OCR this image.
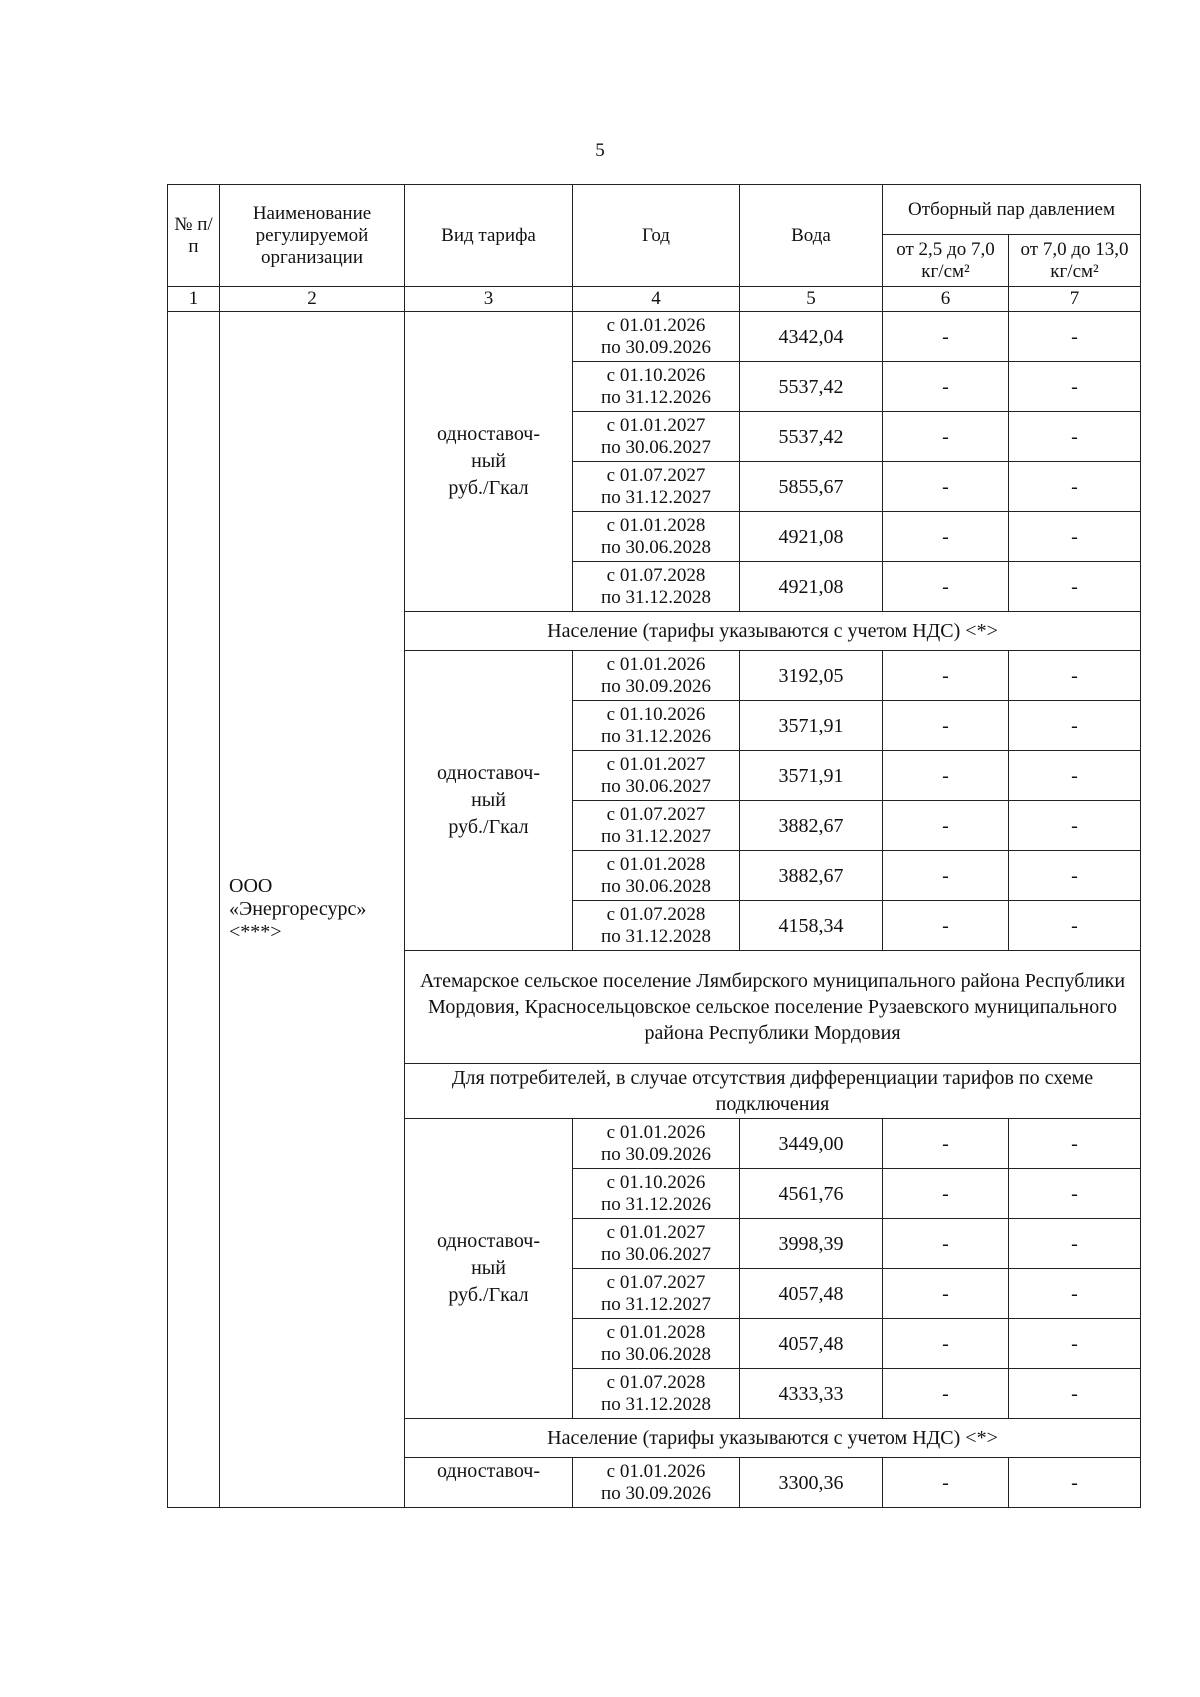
5
№ п/п	Наименование регулируемой организации	Вид тарифа	Год	Вода	Отборный пар давлением	
					от 2,5 до 7,0 кг/см²	от 7,0 до 13,0 кг/см²
1	2	3	4	5	6	7

	ООО
«Энергоресурс»
<***>	одноставоч-
ный
руб./Гкал	с 01.01.2026
по 30.09.2026	4342,04	-	-

			с 01.10.2026
по 31.12.2026	5537,42	-	-

			с 01.01.2027
по 30.06.2027	5537,42	-	-

			с 01.07.2027
по 31.12.2027	5855,67	-	-

			с 01.01.2028
по 30.06.2028	4921,08	-	-

			с 01.07.2028
по 31.12.2028	4921,08	-	-
		Население (тарифы указываются с учетом НДС) <*>				

		одноставоч-
ный
руб./Гкал	с 01.01.2026
по 30.09.2026	3192,05	-	-

			с 01.10.2026
по 31.12.2026	3571,91	-	-

			с 01.01.2027
по 30.06.2027	3571,91	-	-

			с 01.07.2027
по 31.12.2027	3882,67	-	-

			с 01.01.2028
по 30.06.2028	3882,67	-	-

			с 01.07.2028
по 31.12.2028	4158,34	-	-
		Атемарское сельское поселение Лямбирского муниципального района Республики Мордовия, Красносельцовское сельское поселение Рузаевского муниципального района Республики Мордовия				
		Для потребителей, в случае отсутствия дифференциации тарифов по схеме подключения				

		одноставоч-
ный
руб./Гкал	с 01.01.2026
по 30.09.2026	3449,00	-	-

			с 01.10.2026
по 31.12.2026	4561,76	-	-

			с 01.01.2027
по 30.06.2027	3998,39	-	-

			с 01.07.2027
по 31.12.2027	4057,48	-	-

			с 01.01.2028
по 30.06.2028	4057,48	-	-

			с 01.07.2028
по 31.12.2028	4333,33	-	-
		Население (тарифы указываются с учетом НДС) <*>				

		одноставоч-	с 01.01.2026
по 30.09.2026	3300,36	-	-
